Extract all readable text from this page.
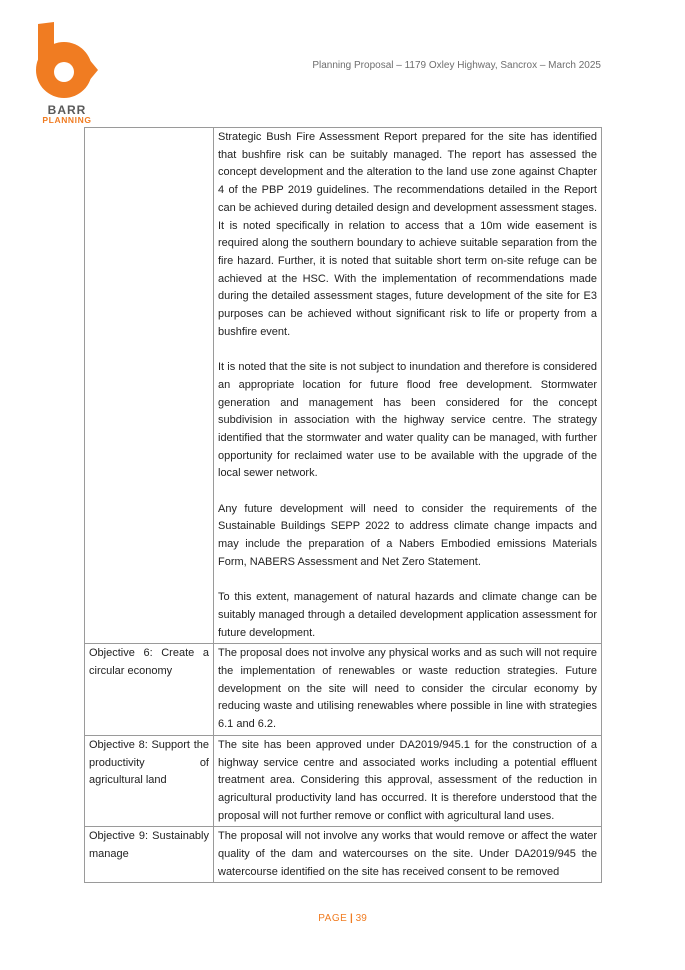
BARR
PLANNING
Planning Proposal – 1179 Oxley Highway, Sancrox – March 2025

	Strategic Bush Fire Assessment Report prepared for the site has identified that bushfire risk can be suitably managed. The report has assessed the concept development and the alteration to the land use zone against Chapter 4 of the PBP 2019 guidelines. The recommendations detailed in the Report can be achieved during detailed design and development assessment stages. It is noted specifically in relation to access that a 10m wide easement is required along the southern boundary to achieve suitable separation from the fire hazard. Further, it is noted that suitable short term on-site refuge can be achieved at the HSC. With the implementation of recommendations made during the detailed assessment stages, future development of the site for E3 purposes can be achieved without significant risk to life or property from a bushfire event.

It is noted that the site is not subject to inundation and therefore is considered an appropriate location for future flood free development. Stormwater generation and management has been considered for the concept subdivision in association with the highway service centre. The strategy identified that the stormwater and water quality can be managed, with further opportunity for reclaimed water use to be available with the upgrade of the local sewer network.

Any future development will need to consider the requirements of the Sustainable Buildings SEPP 2022 to address climate change impacts and may include the preparation of a Nabers Embodied emissions Materials Form, NABERS Assessment and Net Zero Statement.

To this extent, management of natural hazards and climate change can be suitably managed through a detailed development application assessment for future development.

Objective 6: Create a circular economy	The proposal does not involve any physical works and as such will not require the implementation of renewables or waste reduction strategies. Future development on the site will need to consider the circular economy by reducing waste and utilising renewables where possible in line with strategies 6.1 and 6.2.

Objective 8: Support the productivity of agricultural land	The site has been approved under DA2019/945.1 for the construction of a highway service centre and associated works including a potential effluent treatment area. Considering this approval, assessment of the reduction in agricultural productivity land has occurred. It is therefore understood that the proposal will not further remove or conflict with agricultural land uses.

Objective 9: Sustainably manage	The proposal will not involve any works that would remove or affect the water quality of the dam and watercourses on the site. Under DA2019/945 the watercourse identified on the site has received consent to be removed

PAGE | 39
